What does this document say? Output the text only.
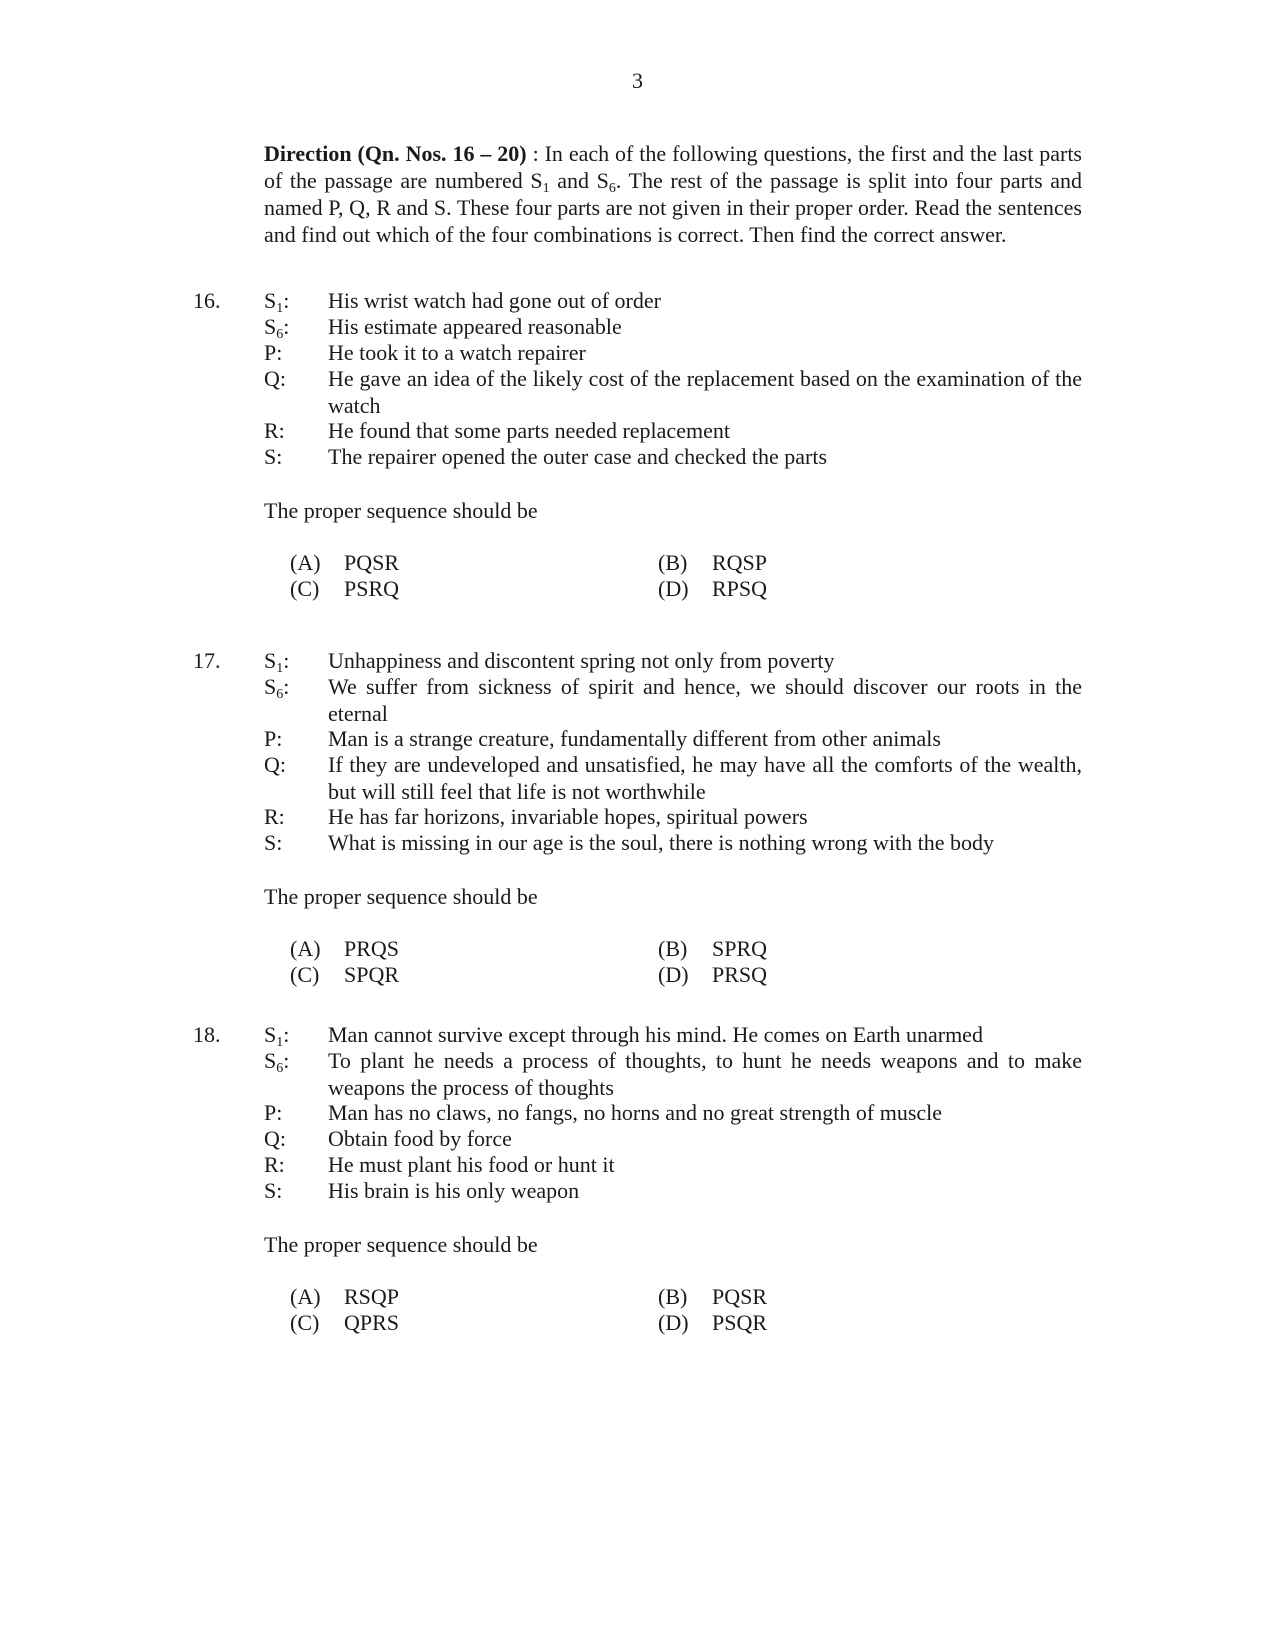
3

Direction (Qn. Nos. 16 – 20) : In each of the following questions, the first and the last parts of the passage are numbered $S_1$ and $S_6$. The rest of the passage is split into four parts and named P, Q, R and S. These four parts are not given in their proper order. Read the sentences and find out which of the four combinations is correct. Then find the correct answer.

16. $S_1$: His wrist watch had gone out of order
$S_6$: His estimate appeared reasonable
P: He took it to a watch repairer
Q: He gave an idea of the likely cost of the replacement based on the examination of the watch
R: He found that some parts needed replacement
S: The repairer opened the outer case and checked the parts
The proper sequence should be
(A) PQSR	(B) RQSP
(C) PSRQ	(D) RPSQ
17. $S_1$: Unhappiness and discontent spring not only from poverty
$S_6$: We suffer from sickness of spirit and hence, we should discover our roots in the eternal
P: Man is a strange creature, fundamentally different from other animals
Q: If they are undeveloped and unsatisfied, he may have all the comforts of the wealth, but will still feel that life is not worthwhile
R: He has far horizons, invariable hopes, spiritual powers
S: What is missing in our age is the soul, there is nothing wrong with the body
The proper sequence should be
(A) PRQS	(B) SPRQ
(C) SPQR	(D) PRSQ
18. $S_1$: Man cannot survive except through his mind. He comes on Earth unarmed
$S_6$: To plant he needs a process of thoughts, to hunt he needs weapons and to make weapons the process of thoughts
P: Man has no claws, no fangs, no horns and no great strength of muscle
Q: Obtain food by force
R: He must plant his food or hunt it
S: His brain is his only weapon
The proper sequence should be
(A) RSQP	(B) PQSR
(C) QPRS	(D) PSQR
